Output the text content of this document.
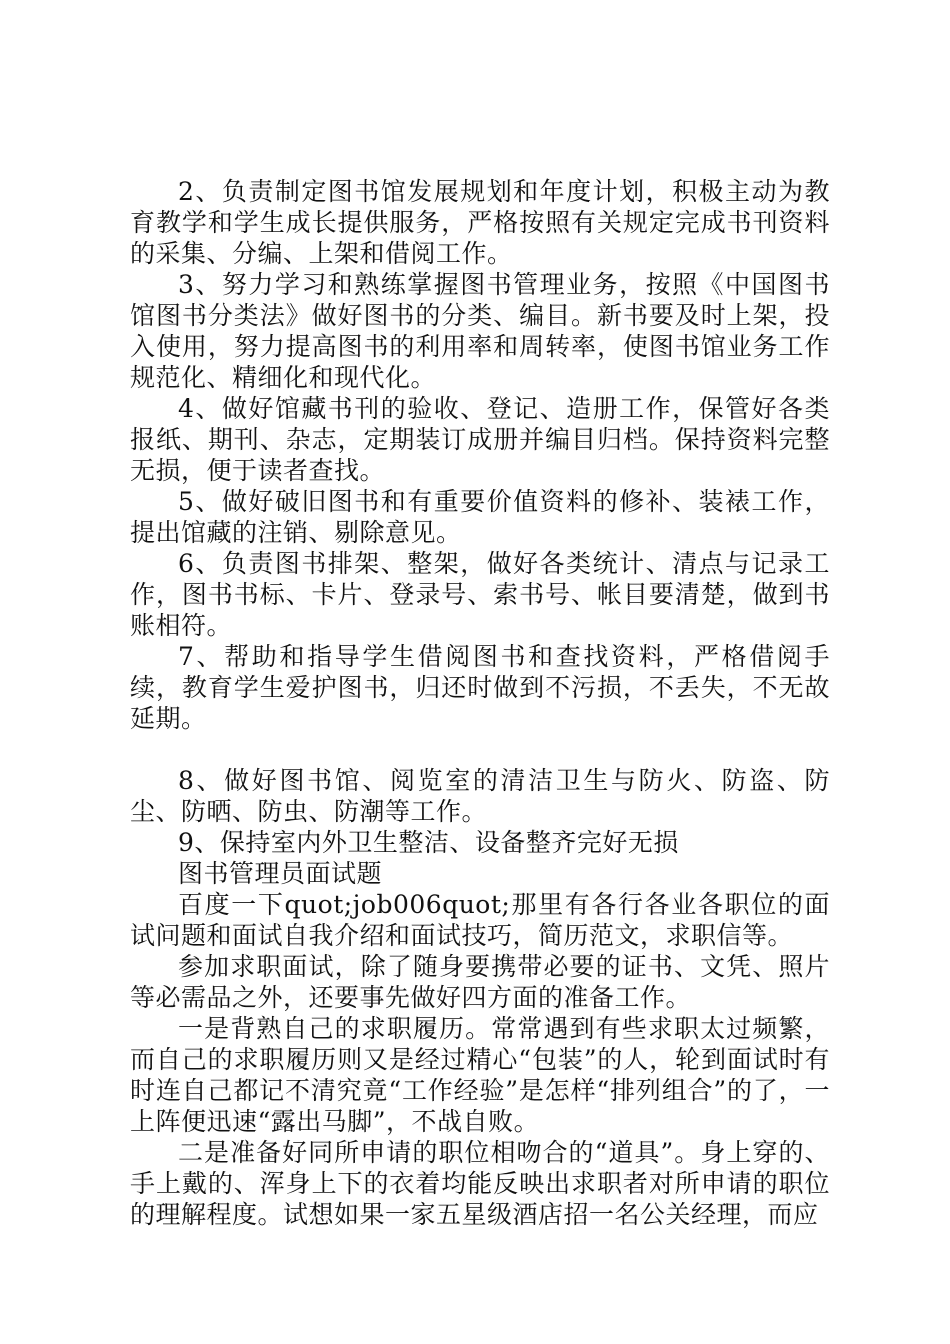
2、负责制定图书馆发展规划和年度计划，积极主动为教育教学和学生成长提供服务，严格按照有关规定完成书刊资料的采集、分编、上架和借阅工作。

3、努力学习和熟练掌握图书管理业务，按照《中国图书馆图书分类法》做好图书的分类、编目。新书要及时上架，投入使用，努力提高图书的利用率和周转率，使图书馆业务工作规范化、精细化和现代化。

4、做好馆藏书刊的验收、登记、造册工作，保管好各类报纸、期刊、杂志，定期装订成册并编目归档。保持资料完整无损，便于读者查找。

5、做好破旧图书和有重要价值资料的修补、装裱工作，提出馆藏的注销、剔除意见。

6、负责图书排架、整架，做好各类统计、清点与记录工作，图书书标、卡片、登录号、索书号、帐目要清楚，做到书账相符。

7、帮助和指导学生借阅图书和查找资料，严格借阅手续，教育学生爱护图书，归还时做到不污损，不丢失，不无故延期。

8、做好图书馆、阅览室的清洁卫生与防火、防盗、防尘、防晒、防虫、防潮等工作。

9、保持室内外卫生整洁、设备整齐完好无损

图书管理员面试题

百度一下quot;job006quot;那里有各行各业各职位的面试问题和面试自我介绍和面试技巧，简历范文，求职信等。

参加求职面试，除了随身要携带必要的证书、文凭、照片等必需品之外，还要事先做好四方面的准备工作。

一是背熟自己的求职履历。常常遇到有些求职太过频繁，而自己的求职履历则又是经过精心“包装”的人，轮到面试时有时连自己都记不清究竟“工作经验”是怎样“排列组合”的了，一上阵便迅速“露出马脚”，不战自败。

二是准备好同所申请的职位相吻合的“道具”。身上穿的、手上戴的、浑身上下的衣着均能反映出求职者对所申请的职位的理解程度。试想如果一家五星级酒店招一名公关经理，而应
